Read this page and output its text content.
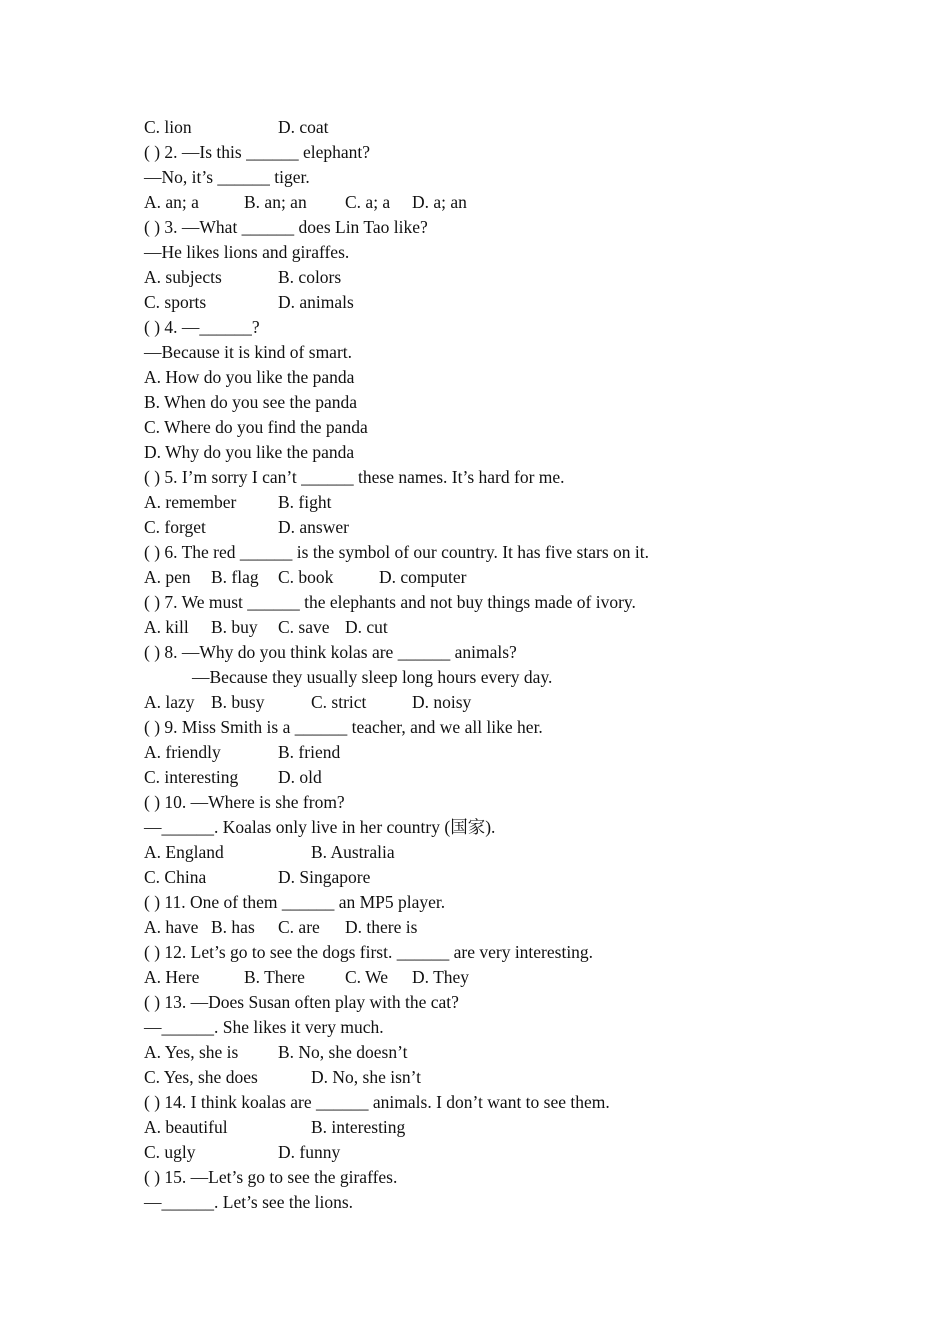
C. lion

	D. coat

( ) 2. —Is this ______ elephant?

—No, it’s ______ tiger.

A. an; a

	B. an; an

C. a; a

D. a; an

( ) 3. —What ______ does Lin Tao like?

—He likes lions and giraffes.

A. subjects

	B. colors

C. sports

	D. animals

( ) 4. —______?

—Because it is kind of smart.

A. How do you like the panda

B. When do you see the panda

C. Where do you find the panda

D. Why do you like the panda

( ) 5. I’m sorry I can’t ______ these names. It’s hard for me.

A. remember

B. fight

C. forget

	D. answer

( ) 6. The red ______ is the symbol of our country. It has five stars on it.

A. pen

B. flag

C. book

	D. computer

( ) 7. We must ______ the elephants and not buy things made of ivory.

A. kill

B. buy

C. save

D. cut

( ) 8. —Why do you think kolas are ______ animals?

—Because they usually sleep long hours every day.

A. lazy

B. busy

	C. strict

	D. noisy

( ) 9. Miss Smith is a ______ teacher, and we all like her.

A. friendly

	B. friend

C. interesting

D. old

( ) 10. —Where is she from?

—______. Koalas only live in her country (国家).

A. England

	B. Australia

C. China

	D. Singapore

( ) 11. One of them ______ an MP5 player.

A. have

B. has

C. are

D. there is

( ) 12. Let’s go to see the dogs first. ______ are very interesting.

A. Here

	B. There

C. We

D. They

( ) 13. —Does Susan often play with the cat?

—______. She likes it very much.

A. Yes, she is

B. No, she doesn’t

C. Yes, she does

	D. No, she isn’t

( ) 14. I think koalas are ______ animals. I don’t want to see them.

A. beautiful

	B. interesting

C. ugly

	D. funny

( ) 15. —Let’s go to see the giraffes.

—______. Let’s see the lions.
